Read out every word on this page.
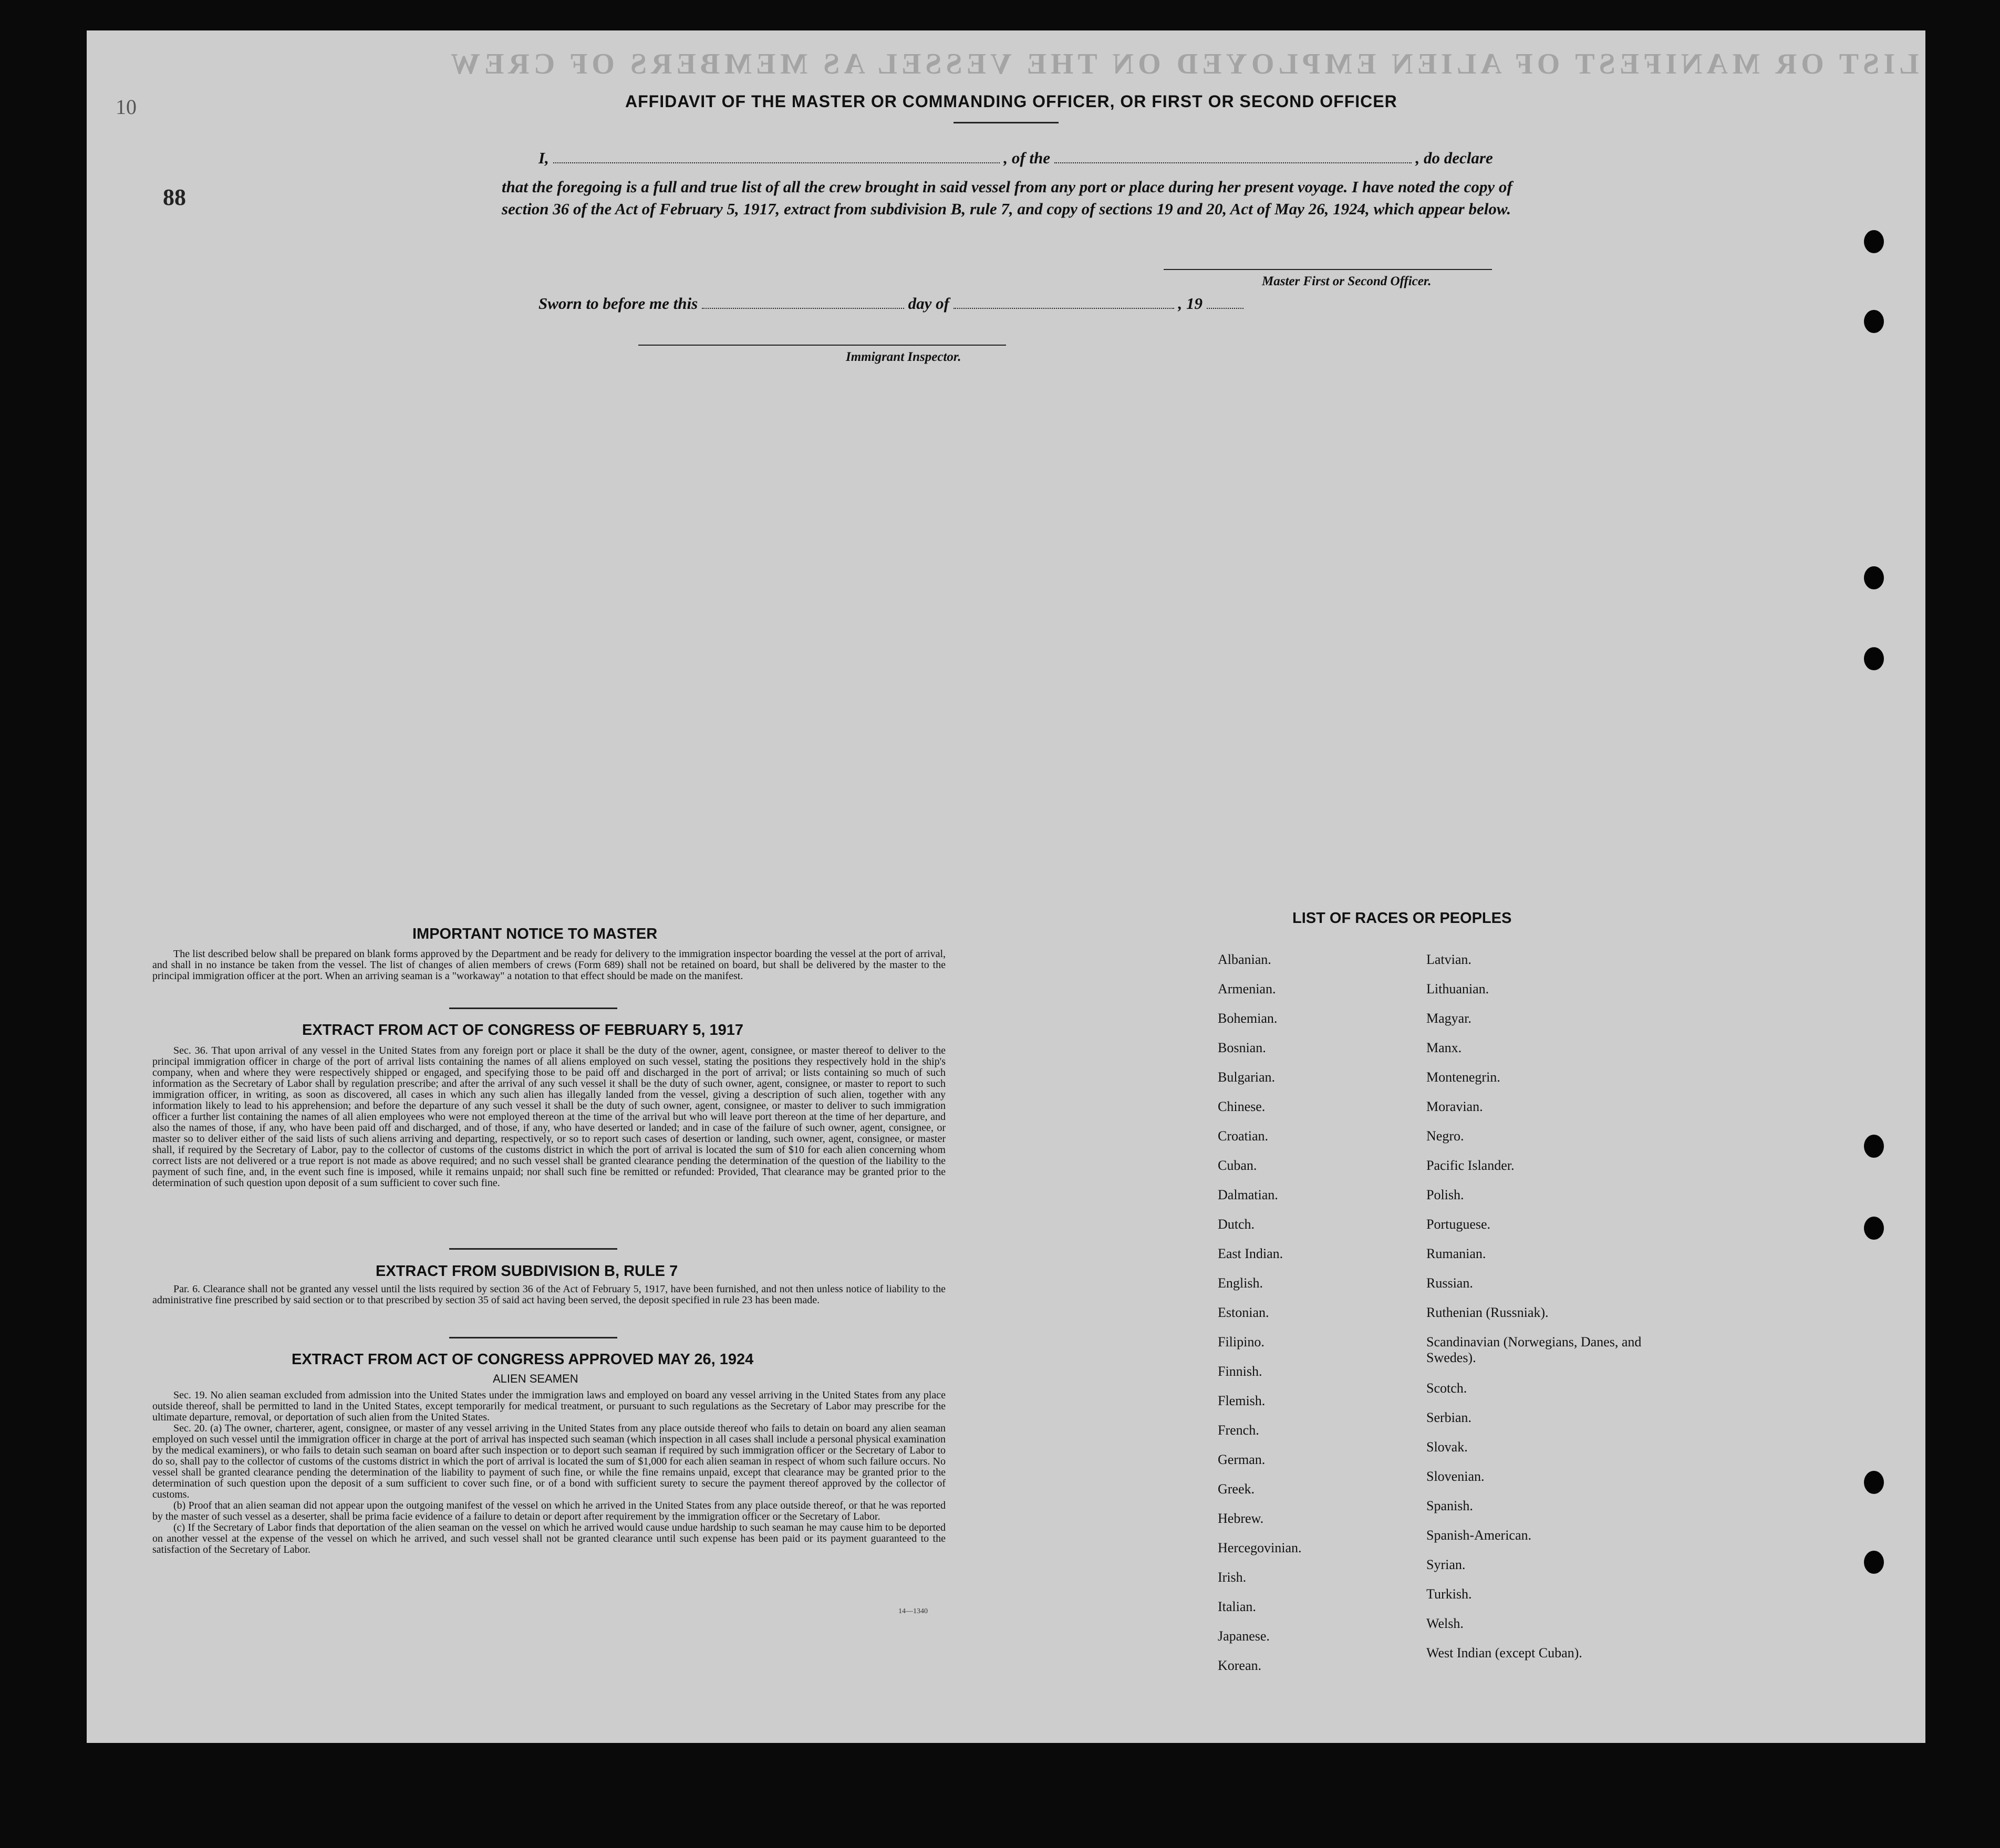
LIST OR MANIFEST OF ALIEN EMPLOYED ON THE VESSEL AS MEMBERS OF CREW
10
88
AFFIDAVIT OF THE MASTER OR COMMANDING OFFICER, OR FIRST OR SECOND OFFICER
I,	, of the	, do declare
that the foregoing is a full and true list of all the crew brought in said vessel from any port or place during her present voyage. I have noted the copy of section 36 of the Act of February 5, 1917, extract from subdivision B, rule 7, and copy of sections 19 and 20, Act of May 26, 1924, which appear below.
Master First or Second Officer.
Sworn to before me this	day of	, 19
Immigrant Inspector.
IMPORTANT NOTICE TO MASTER

The list described below shall be prepared on blank forms approved by the Department and be ready for delivery to the immigration inspector boarding the vessel at the port of arrival, and shall in no instance be taken from the vessel. The list of changes of alien members of crews (Form 689) shall not be retained on board, but shall be delivered by the master to the principal immigration officer at the port. When an arriving seaman is a "workaway" a notation to that effect should be made on the manifest.

EXTRACT FROM ACT OF CONGRESS OF FEBRUARY 5, 1917

Sec. 36. That upon arrival of any vessel in the United States from any foreign port or place it shall be the duty of the owner, agent, consignee, or master thereof to deliver to the principal immigration officer in charge of the port of arrival lists containing the names of all aliens employed on such vessel, stating the positions they respectively hold in the ship's company, when and where they were respectively shipped or engaged, and specifying those to be paid off and discharged in the port of arrival; or lists containing so much of such information as the Secretary of Labor shall by regulation prescribe; and after the arrival of any such vessel it shall be the duty of such owner, agent, consignee, or master to report to such immigration officer, in writing, as soon as discovered, all cases in which any such alien has illegally landed from the vessel, giving a description of such alien, together with any information likely to lead to his apprehension; and before the departure of any such vessel it shall be the duty of such owner, agent, consignee, or master to deliver to such immigration officer a further list containing the names of all alien employees who were not employed thereon at the time of the arrival but who will leave port thereon at the time of her departure, and also the names of those, if any, who have been paid off and discharged, and of those, if any, who have deserted or landed; and in case of the failure of such owner, agent, consignee, or master so to deliver either of the said lists of such aliens arriving and departing, respectively, or so to report such cases of desertion or landing, such owner, agent, consignee, or master shall, if required by the Secretary of Labor, pay to the collector of customs of the customs district in which the port of arrival is located the sum of $10 for each alien concerning whom correct lists are not delivered or a true report is not made as above required; and no such vessel shall be granted clearance pending the determination of the question of the liability to the payment of such fine, and, in the event such fine is imposed, while it remains unpaid; nor shall such fine be remitted or refunded: Provided, That clearance may be granted prior to the determination of such question upon deposit of a sum sufficient to cover such fine.

EXTRACT FROM SUBDIVISION B, RULE 7

Par. 6. Clearance shall not be granted any vessel until the lists required by section 36 of the Act of February 5, 1917, have been furnished, and not then unless notice of liability to the administrative fine prescribed by said section or to that prescribed by section 35 of said act having been served, the deposit specified in rule 23 has been made.

EXTRACT FROM ACT OF CONGRESS APPROVED MAY 26, 1924
ALIEN SEAMEN

Sec. 19. No alien seaman excluded from admission into the United States under the immigration laws and employed on board any vessel arriving in the United States from any place outside thereof, shall be permitted to land in the United States, except temporarily for medical treatment, or pursuant to such regulations as the Secretary of Labor may prescribe for the ultimate departure, removal, or deportation of such alien from the United States.

Sec. 20. (a) The owner, charterer, agent, consignee, or master of any vessel arriving in the United States from any place outside thereof who fails to detain on board any alien seaman employed on such vessel until the immigration officer in charge at the port of arrival has inspected such seaman (which inspection in all cases shall include a personal physical examination by the medical examiners), or who fails to detain such seaman on board after such inspection or to deport such seaman if required by such immigration officer or the Secretary of Labor to do so, shall pay to the collector of customs of the customs district in which the port of arrival is located the sum of $1,000 for each alien seaman in respect of whom such failure occurs. No vessel shall be granted clearance pending the determination of the liability to payment of such fine, or while the fine remains unpaid, except that clearance may be granted prior to the determination of such question upon the deposit of a sum sufficient to cover such fine, or of a bond with sufficient surety to secure the payment thereof approved by the collector of customs.

(b) Proof that an alien seaman did not appear upon the outgoing manifest of the vessel on which he arrived in the United States from any place outside thereof, or that he was reported by the master of such vessel as a deserter, shall be prima facie evidence of a failure to detain or deport after requirement by the immigration officer or the Secretary of Labor.

(c) If the Secretary of Labor finds that deportation of the alien seaman on the vessel on which he arrived would cause undue hardship to such seaman he may cause him to be deported on another vessel at the expense of the vessel on which he arrived, and such vessel shall not be granted clearance until such expense has been paid or its payment guaranteed to the satisfaction of the Secretary of Labor.

14—1340
LIST OF RACES OR PEOPLES
Albanian.
Armenian.
Bohemian.
Bosnian.
Bulgarian.
Chinese.
Croatian.
Cuban.
Dalmatian.
Dutch.
East Indian.
English.
Estonian.
Filipino.
Finnish.
Flemish.
French.
German.
Greek.
Hebrew.
Hercegovinian.
Irish.
Italian.
Japanese.
Korean.
Latvian.
Lithuanian.
Magyar.
Manx.
Montenegrin.
Moravian.
Negro.
Pacific Islander.
Polish.
Portuguese.
Rumanian.
Russian.
Ruthenian (Russniak).
Scandinavian (Norwegians, Danes, and Swedes).
Scotch.
Serbian.
Slovak.
Slovenian.
Spanish.
Spanish-American.
Syrian.
Turkish.
Welsh.
West Indian (except Cuban).
